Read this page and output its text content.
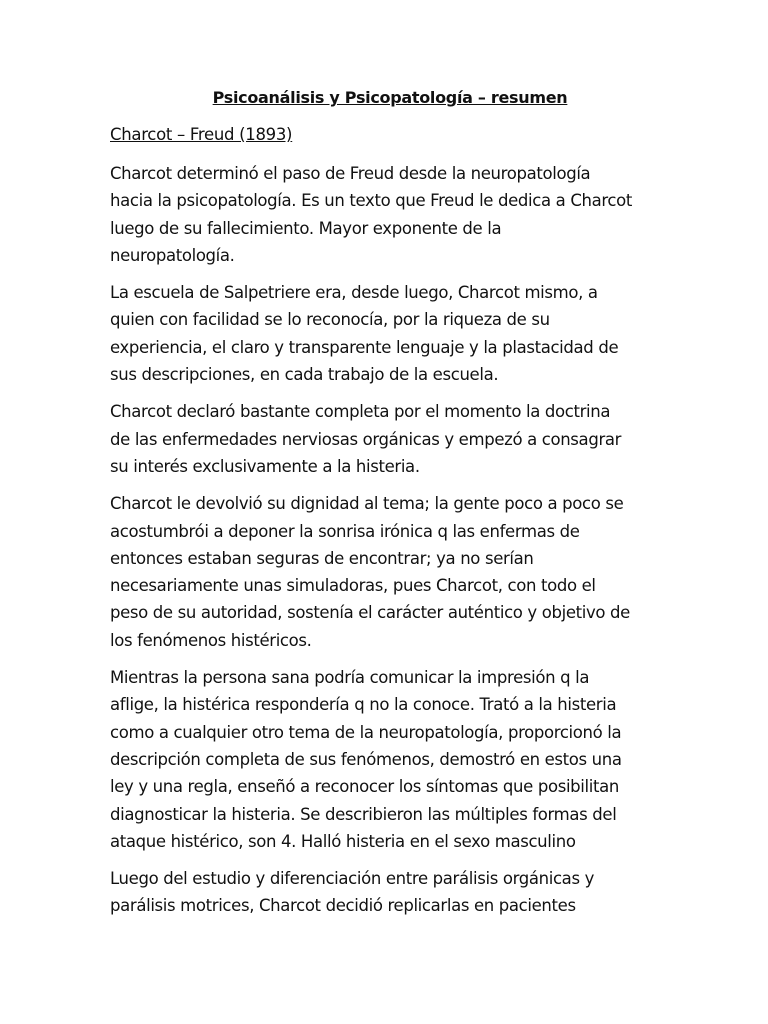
Psicoanálisis y Psicopatología – resumen
Charcot – Freud (1893)

Charcot determinó el paso de Freud desde la neuropatología
hacia la psicopatología. Es un texto que Freud le dedica a Charcot
luego de su fallecimiento. Mayor exponente de la
neuropatología.

La escuela de Salpetriere era, desde luego, Charcot mismo, a
quien con facilidad se lo reconocía, por la riqueza de su
experiencia, el claro y transparente lenguaje y la plastacidad de
sus descripciones, en cada trabajo de la escuela.

Charcot declaró bastante completa por el momento la doctrina
de las enfermedades nerviosas orgánicas y empezó a consagrar
su interés exclusivamente a la histeria.

Charcot le devolvió su dignidad al tema; la gente poco a poco se
acostumbrói a deponer la sonrisa irónica q las enfermas de
entonces estaban seguras de encontrar; ya no serían
necesariamente unas simuladoras, pues Charcot, con todo el
peso de su autoridad, sostenía el carácter auténtico y objetivo de
los fenómenos histéricos.

Mientras la persona sana podría comunicar la impresión q la
aflige, la histérica respondería q no la conoce. Trató a la histeria
como a cualquier otro tema de la neuropatología, proporcionó la
descripción completa de sus fenómenos, demostró en estos una
ley y una regla, enseñó a reconocer los síntomas que posibilitan
diagnosticar la histeria. Se describieron las múltiples formas del
ataque histérico, son 4. Halló histeria en el sexo masculino

Luego del estudio y diferenciación entre parálisis orgánicas y
parálisis motrices, Charcot decidió replicarlas en pacientes
